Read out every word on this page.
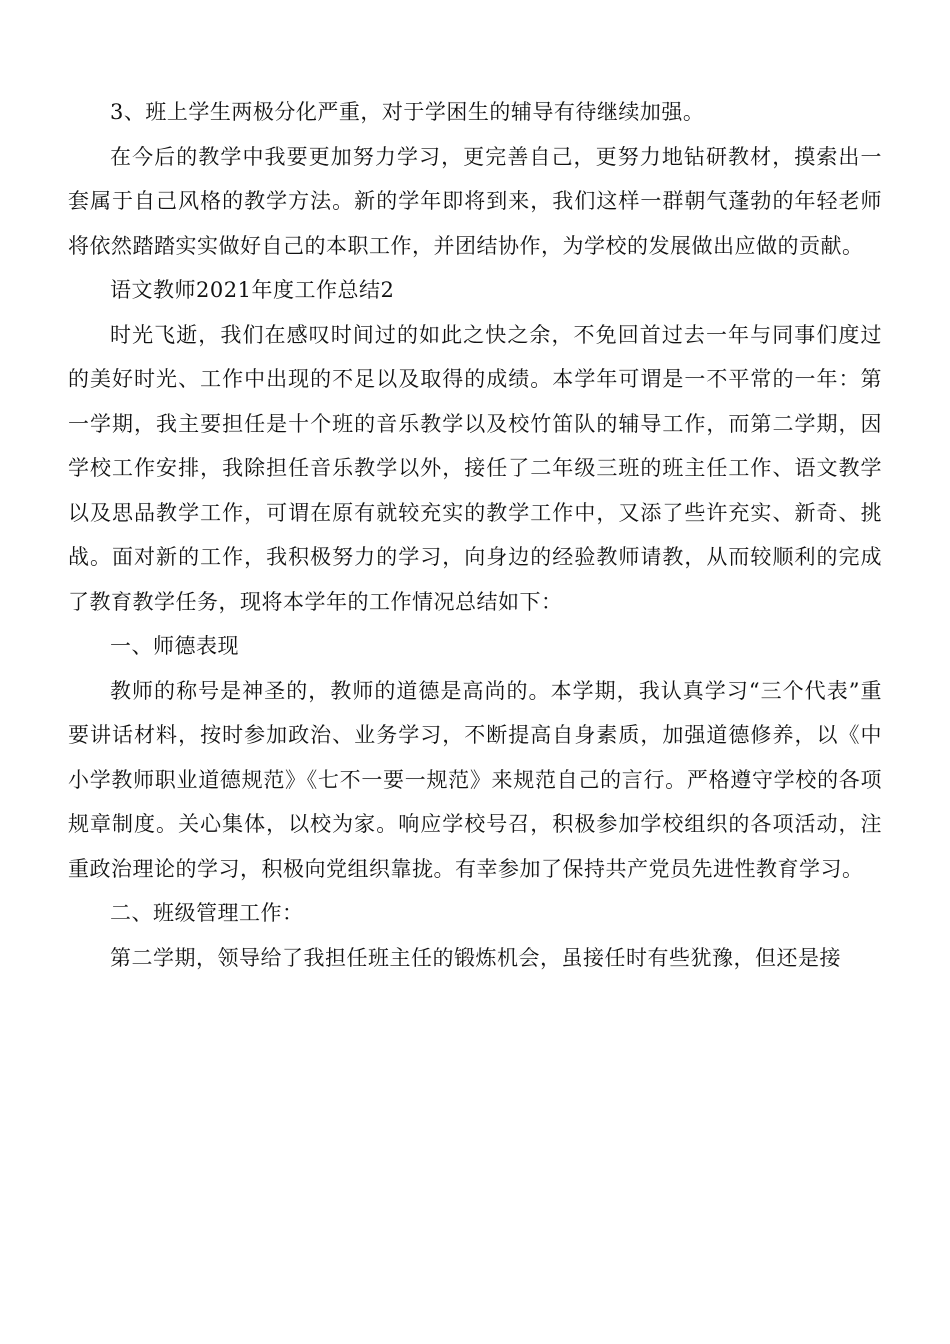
3、班上学生两极分化严重，对于学困生的辅导有待继续加强。

在今后的教学中我要更加努力学习，更完善自己，更努力地钻研教材，摸索出一套属于自己风格的教学方法。新的学年即将到来，我们这样一群朝气蓬勃的年轻老师将依然踏踏实实做好自己的本职工作，并团结协作，为学校的发展做出应做的贡献。

语文教师2021年度工作总结2

时光飞逝，我们在感叹时间过的如此之快之余，不免回首过去一年与同事们度过的美好时光、工作中出现的不足以及取得的成绩。本学年可谓是一不平常的一年：第一学期，我主要担任是十个班的音乐教学以及校竹笛队的辅导工作，而第二学期，因学校工作安排，我除担任音乐教学以外，接任了二年级三班的班主任工作、语文教学以及思品教学工作，可谓在原有就较充实的教学工作中，又添了些许充实、新奇、挑战。面对新的工作，我积极努力的学习，向身边的经验教师请教，从而较顺利的完成了教育教学任务，现将本学年的工作情况总结如下：

一、师德表现

教师的称号是神圣的，教师的道德是高尚的。本学期，我认真学习“三个代表”重要讲话材料，按时参加政治、业务学习，不断提高自身素质，加强道德修养，以《中小学教师职业道德规范》《七不一要一规范》来规范自己的言行。严格遵守学校的各项规章制度。关心集体，以校为家。响应学校号召，积极参加学校组织的各项活动，注重政治理论的学习，积极向党组织靠拢。有幸参加了保持共产党员先进性教育学习。

二、班级管理工作：

第二学期，领导给了我担任班主任的锻炼机会，虽接任时有些犹豫，但还是接
